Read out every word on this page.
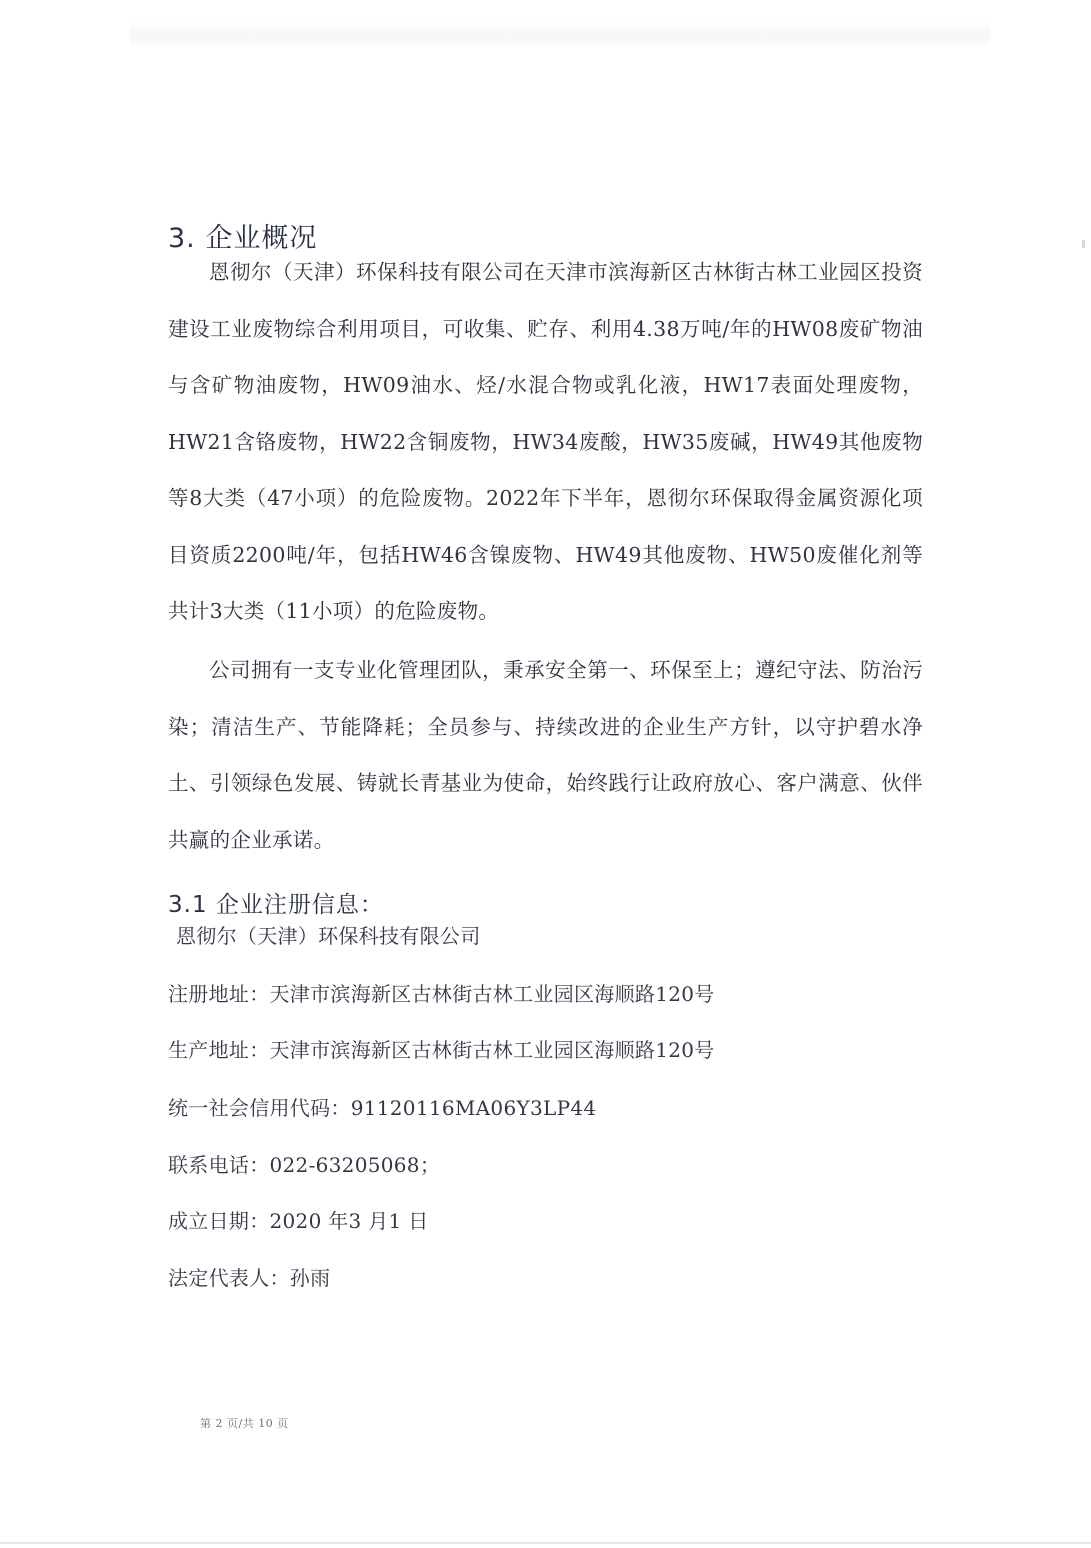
3. 企业概况

恩彻尔（天津）环保科技有限公司在天津市滨海新区古林街古林工业园区投资建设工业废物综合利用项目，可收集、贮存、利用4.38万吨/年的HW08废矿物油与含矿物油废物，HW09油水、烃/水混合物或乳化液，HW17表面处理废物，HW21含铬废物，HW22含铜废物，HW34废酸，HW35废碱，HW49其他废物等8大类（47小项）的危险废物。2022年下半年，恩彻尔环保取得金属资源化项目资质2200吨/年，包括HW46含镍废物、HW49其他废物、HW50废催化剂等共计3大类（11小项）的危险废物。

公司拥有一支专业化管理团队，秉承安全第一、环保至上；遵纪守法、防治污染；清洁生产、节能降耗；全员参与、持续改进的企业生产方针，以守护碧水净土、引领绿色发展、铸就长青基业为使命，始终践行让政府放心、客户满意、伙伴共赢的企业承诺。

3.1 企业注册信息：

恩彻尔（天津）环保科技有限公司

注册地址：天津市滨海新区古林街古林工业园区海顺路120号

生产地址：天津市滨海新区古林街古林工业园区海顺路120号

统一社会信用代码：91120116MA06Y3LP44

联系电话：022-63205068；

成立日期：2020 年3 月1 日

法定代表人：孙雨

第 2 页/共 10 页
